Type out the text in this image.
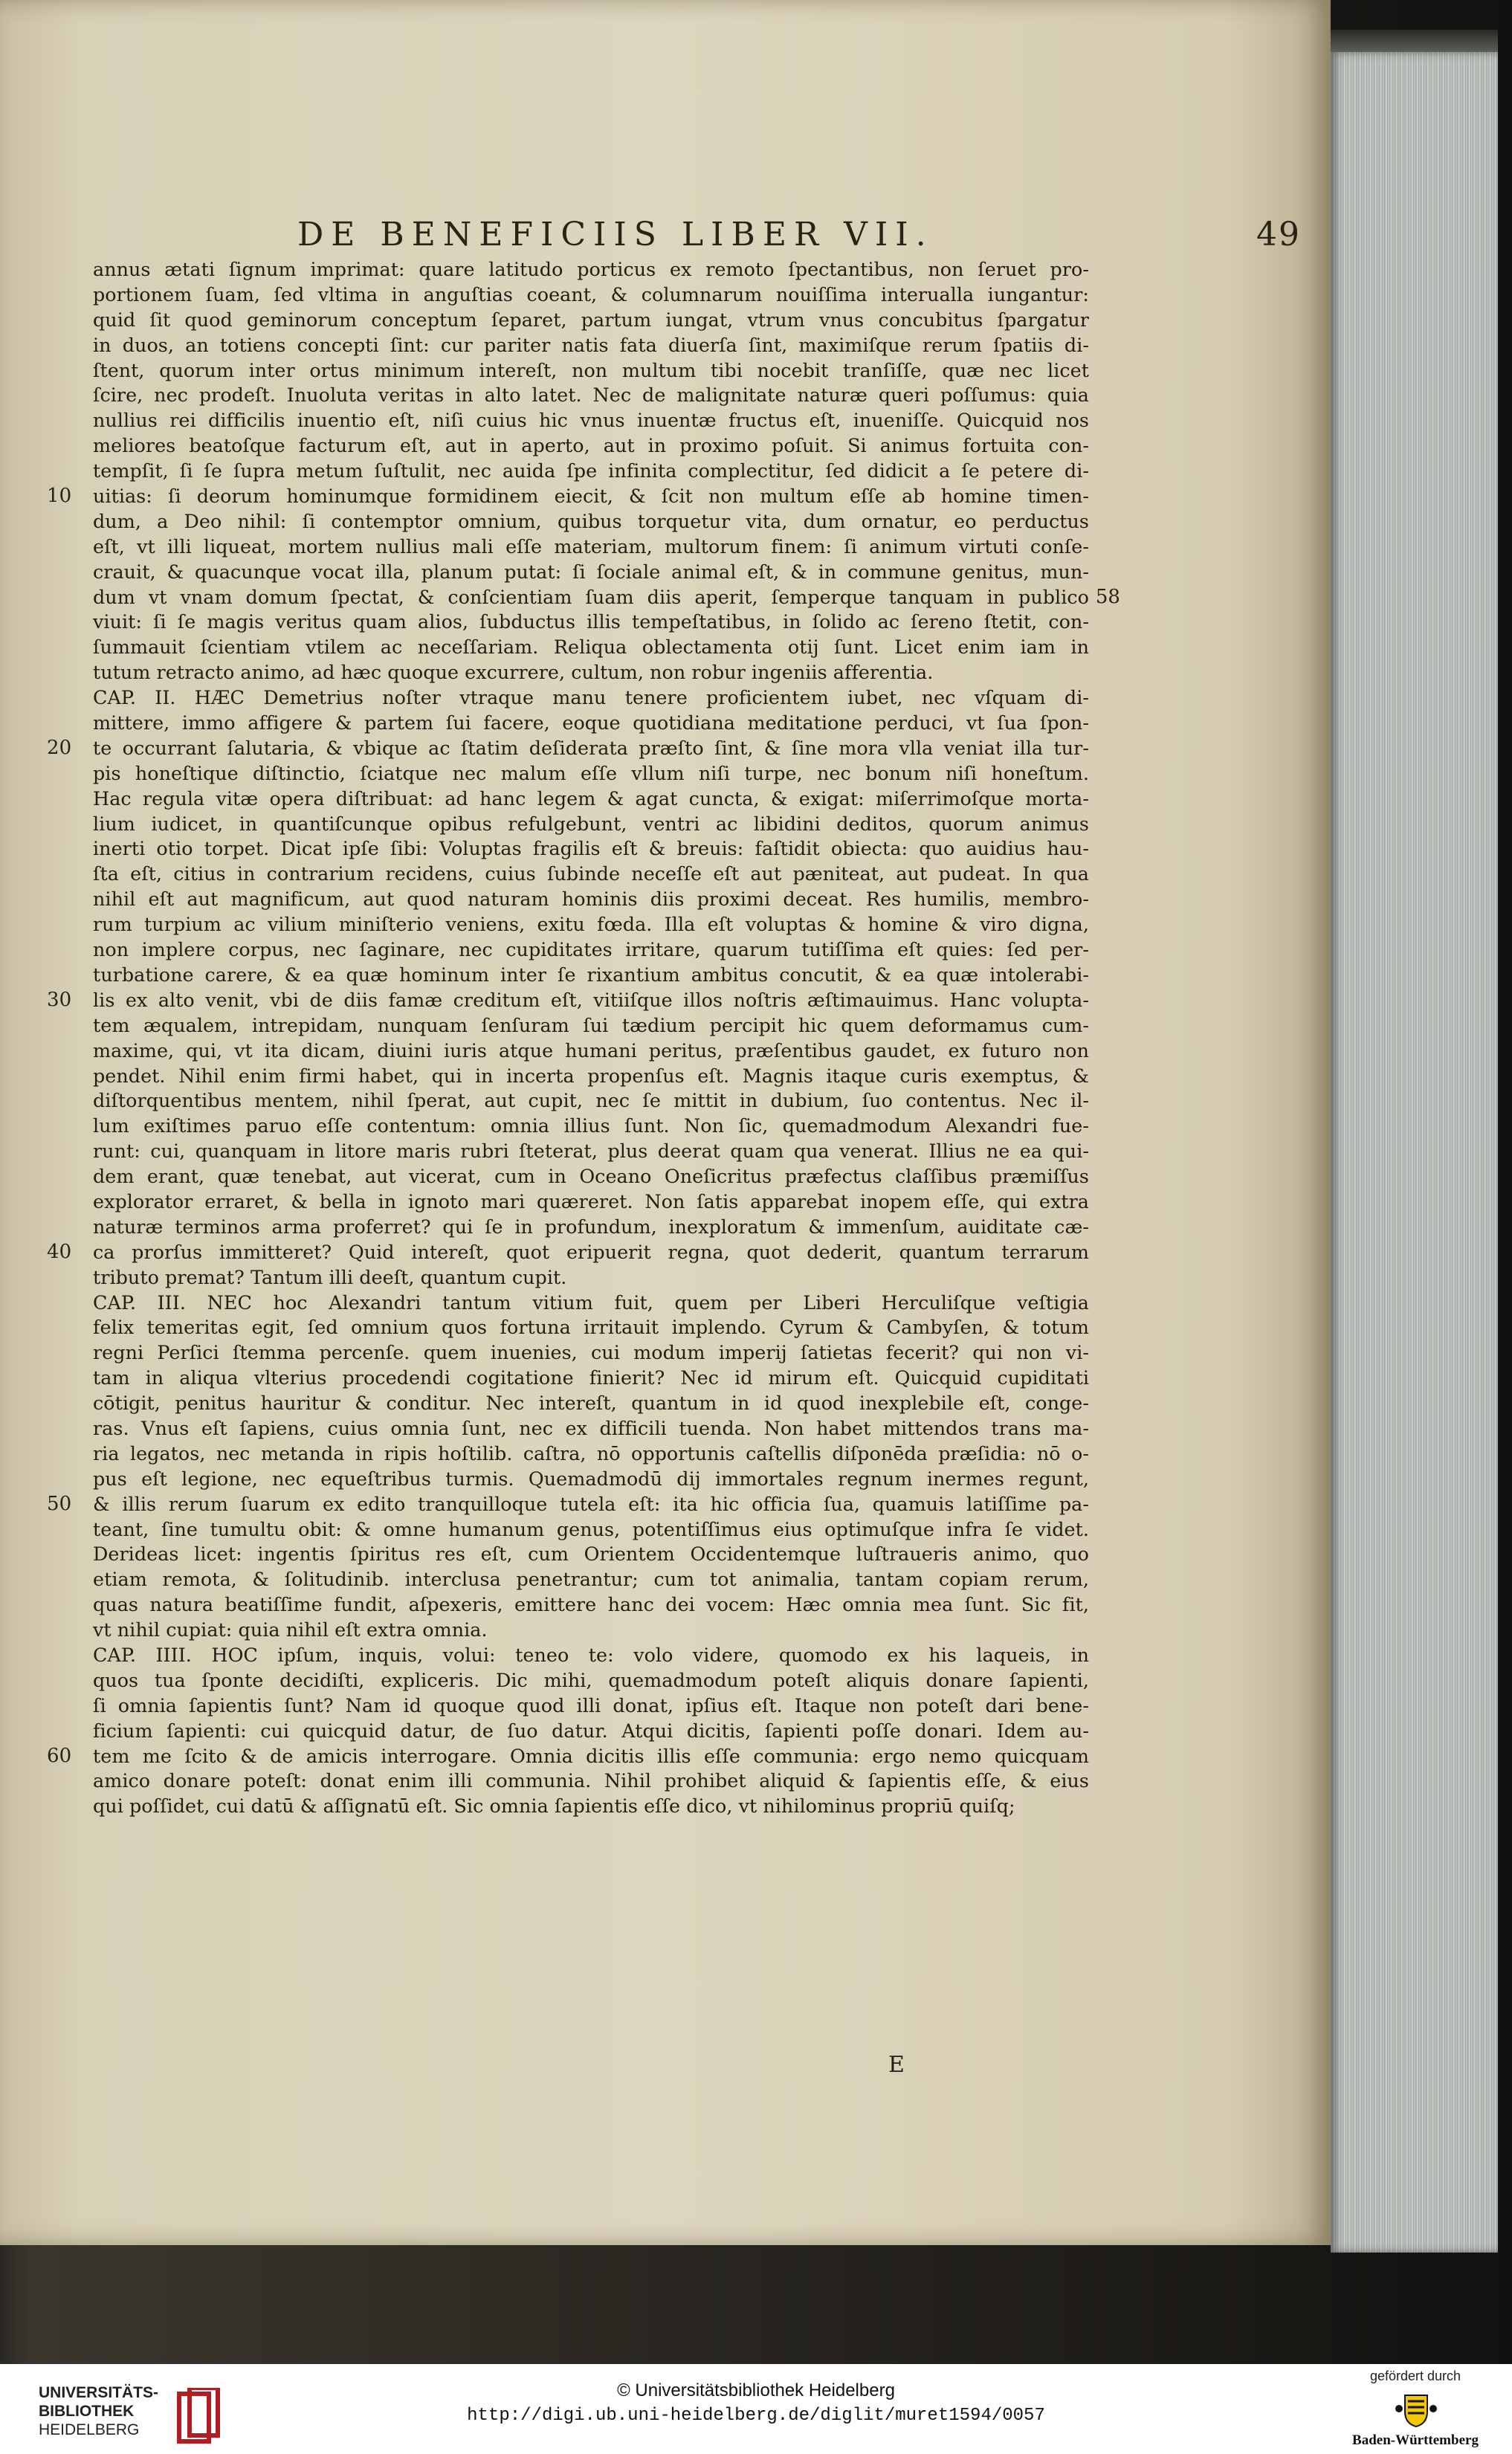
DE BENEFICIIS LIBER VII.	49
annus ætati ſignum imprimat: quare latitudo porticus ex remoto ſpectantibus, non ſeruet pro-
portionem ſuam, ſed vltima in anguſtias coeant, & columnarum nouiſſima interualla iungantur:
quid ſit quod geminorum conceptum ſeparet, partum iungat, vtrum vnus concubitus ſpargatur
in duos, an totiens concepti ſint: cur pariter natis fata diuerſa ſint, maximiſque rerum ſpatiis di-
ſtent, quorum inter ortus minimum intereſt, non multum tibi nocebit tranſiſſe, quæ nec licet
ſcire, nec prodeſt. Inuoluta veritas in alto latet. Nec de malignitate naturæ queri poſſumus: quia
nullius rei difficilis inuentio eſt, niſi cuius hic vnus inuentæ fructus eſt, inueniſſe. Quicquid nos
meliores beatoſque facturum eſt, aut in aperto, aut in proximo poſuit. Si animus fortuita con-
tempſit, ſi ſe ſupra metum ſuſtulit, nec auida ſpe infinita complectitur, ſed didicit a ſe petere di-
10 uitias: ſi deorum hominumque formidinem eiecit, & ſcit non multum eſſe ab homine timen-
dum, a Deo nihil: ſi contemptor omnium, quibus torquetur vita, dum ornatur, eo perductus
eſt, vt illi liqueat, mortem nullius mali eſſe materiam, multorum finem: ſi animum virtuti conſe-
crauit, & quacunque vocat illa, planum putat: ſi ſociale animal eſt, & in commune genitus, mun-
dum vt vnam domum ſpectat, & conſcientiam ſuam diis aperit, ſemperque tanquam in publico 58
viuit: ſi ſe magis veritus quam alios, ſubductus illis tempeſtatibus, in ſolido ac ſereno ſtetit, con-
ſummauit ſcientiam vtilem ac neceſſariam. Reliqua oblectamenta otij ſunt. Licet enim iam in
tutum retracto animo, ad hæc quoque excurrere, cultum, non robur ingeniis afferentia.
CAP. II. HÆC Demetrius noſter vtraque manu tenere proficientem iubet, nec vſquam di-
mittere, immo affigere & partem ſui facere, eoque quotidiana meditatione perduci, vt ſua ſpon-
20 te occurrant ſalutaria, & vbique ac ſtatim deſiderata præſto ſint, & ſine mora vlla veniat illa tur-
pis honeſtique diſtinctio, ſciatque nec malum eſſe vllum niſi turpe, nec bonum niſi honeſtum.
Hac regula vitæ opera diſtribuat: ad hanc legem & agat cuncta, & exigat: miſerrimoſque morta-
lium iudicet, in quantiſcunque opibus refulgebunt, ventri ac libidini deditos, quorum animus
inerti otio torpet. Dicat ipſe ſibi: Voluptas fragilis eſt & breuis: faſtidit obiecta: quo auidius hau-
ſta eſt, citius in contrarium recidens, cuius ſubinde neceſſe eſt aut pæniteat, aut pudeat. In qua
nihil eſt aut magnificum, aut quod naturam hominis diis proximi deceat. Res humilis, membro-
rum turpium ac vilium miniſterio veniens, exitu fœda. Illa eſt voluptas & homine & viro digna,
non implere corpus, nec ſaginare, nec cupiditates irritare, quarum tutiſſima eſt quies: ſed per-
turbatione carere, & ea quæ hominum inter ſe rixantium ambitus concutit, & ea quæ intolerabi-
30 lis ex alto venit, vbi de diis famæ creditum eſt, vitiiſque illos noſtris æſtimauimus. Hanc volupta-
tem æqualem, intrepidam, nunquam ſenſuram ſui tædium percipit hic quem deformamus cum-
maxime, qui, vt ita dicam, diuini iuris atque humani peritus, præſentibus gaudet, ex futuro non
pendet. Nihil enim firmi habet, qui in incerta propenſus eſt. Magnis itaque curis exemptus, &
diſtorquentibus mentem, nihil ſperat, aut cupit, nec ſe mittit in dubium, ſuo contentus. Nec il-
lum exiſtimes paruo eſſe contentum: omnia illius ſunt. Non ſic, quemadmodum Alexandri fue-
runt: cui, quanquam in litore maris rubri ſteterat, plus deerat quam qua venerat. Illius ne ea qui-
dem erant, quæ tenebat, aut vicerat, cum in Oceano Oneſicritus præfectus claſſibus præmiſſus
explorator erraret, & bella in ignoto mari quæreret. Non ſatis apparebat inopem eſſe, qui extra
naturæ terminos arma proferret? qui ſe in profundum, inexploratum & immenſum, auiditate cæ-
40 ca prorſus immitteret? Quid intereſt, quot eripuerit regna, quot dederit, quantum terrarum
tributo premat? Tantum illi deeſt, quantum cupit.
CAP. III. NEC hoc Alexandri tantum vitium fuit, quem per Liberi Herculiſque veſtigia
felix temeritas egit, ſed omnium quos fortuna irritauit implendo. Cyrum & Cambyſen, & totum
regni Perſici ſtemma percenſe. quem inuenies, cui modum imperij ſatietas fecerit? qui non vi-
tam in aliqua vlterius procedendi cogitatione finierit? Nec id mirum eſt. Quicquid cupiditati
cōtigit, penitus hauritur & conditur. Nec intereſt, quantum in id quod inexplebile eſt, conge-
ras. Vnus eſt ſapiens, cuius omnia ſunt, nec ex difficili tuenda. Non habet mittendos trans ma-
ria legatos, nec metanda in ripis hoſtilib. caſtra, nō opportunis caſtellis diſponēda præſidia: nō o-
pus eſt legione, nec equeſtribus turmis. Quemadmodū dij immortales regnum inermes regunt,
50 & illis rerum ſuarum ex edito tranquilloque tutela eſt: ita hic officia ſua, quamuis latiſſime pa-
teant, ſine tumultu obit: & omne humanum genus, potentiſſimus eius optimuſque infra ſe videt.
Derideas licet: ingentis ſpiritus res eſt, cum Orientem Occidentemque luſtraueris animo, quo
etiam remota, & ſolitudinib. interclusa penetrantur; cum tot animalia, tantam copiam rerum,
quas natura beatiſſime fundit, aſpexeris, emittere hanc dei vocem: Hæc omnia mea ſunt. Sic fit,
vt nihil cupiat: quia nihil eſt extra omnia.
CAP. IIII. HOC ipſum, inquis, volui: teneo te: volo videre, quomodo ex his laqueis, in
quos tua ſponte decidiſti, expliceris. Dic mihi, quemadmodum poteſt aliquis donare ſapienti,
ſi omnia ſapientis ſunt? Nam id quoque quod illi donat, ipſius eſt. Itaque non poteſt dari bene-
ficium ſapienti: cui quicquid datur, de ſuo datur. Atqui dicitis, ſapienti poſſe donari. Idem au-
60 tem me ſcito & de amicis interrogare. Omnia dicitis illis eſſe communia: ergo nemo quicquam
amico donare poteſt: donat enim illi communia. Nihil prohibet aliquid & ſapientis eſſe, & eius
qui poſſidet, cui datū & aſſignatū eſt. Sic omnia ſapientis eſſe dico, vt nihilominus propriū quiſq;
E
UNIVERSITÄTS-
BIBLIOTHEK
HEIDELBERG
© Universitätsbibliothek Heidelberg
http://digi.ub.uni-heidelberg.de/diglit/muret1594/0057
gefördert durch
Baden-Württemberg
